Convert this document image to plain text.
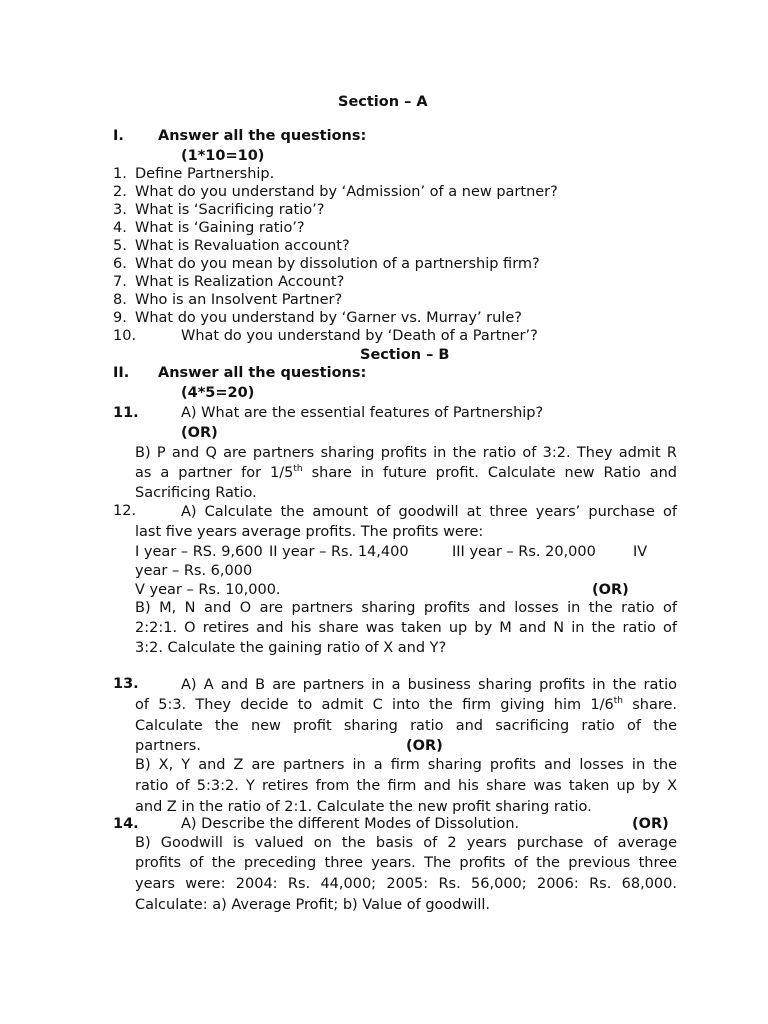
Section – A
I. Answer all the questions:
(1*10=10)
1. Define Partnership.
2. What do you understand by ‘Admission’ of a new partner?
3. What is ‘Sacrificing ratio’?
4. What is ‘Gaining ratio’?
5. What is Revaluation account?
6. What do you mean by dissolution of a partnership firm?
7. What is Realization Account?
8. Who is an Insolvent Partner?
9. What do you understand by ‘Garner vs. Murray’ rule?
10.	What do you understand by ‘Death of a Partner’?
Section – B
II. Answer all the questions:
(4*5=20)
11.	A) What are the essential features of Partnership?
(OR)
B) P and Q are partners sharing profits in the ratio of 3:2. They admit R
as a partner for 1/5th share in future profit. Calculate new Ratio and
Sacrificing Ratio.
12.	A) Calculate the amount of goodwill at three years’ purchase of
last five years average profits. The profits were:
I year – RS. 9,600 II year – Rs. 14,400	III year – Rs. 20,000	IV
year – Rs. 6,000
V year – Rs. 10,000.	(OR)
B) M, N and O are partners sharing profits and losses in the ratio of
2:2:1. O retires and his share was taken up by M and N in the ratio of
3:2. Calculate the gaining ratio of X and Y?
13.	A) A and B are partners in a business sharing profits in the ratio
of 5:3. They decide to admit C into the firm giving him 1/6th share.
Calculate the new profit sharing ratio and sacrificing ratio of the
partners.	(OR)
B) X, Y and Z are partners in a firm sharing profits and losses in the
ratio of 5:3:2. Y retires from the firm and his share was taken up by X
and Z in the ratio of 2:1. Calculate the new profit sharing ratio.
14.	A) Describe the different Modes of Dissolution.	(OR)
B) Goodwill is valued on the basis of 2 years purchase of average
profits of the preceding three years. The profits of the previous three
years were: 2004: Rs. 44,000; 2005: Rs. 56,000; 2006: Rs. 68,000.
Calculate: a) Average Profit; b) Value of goodwill.
